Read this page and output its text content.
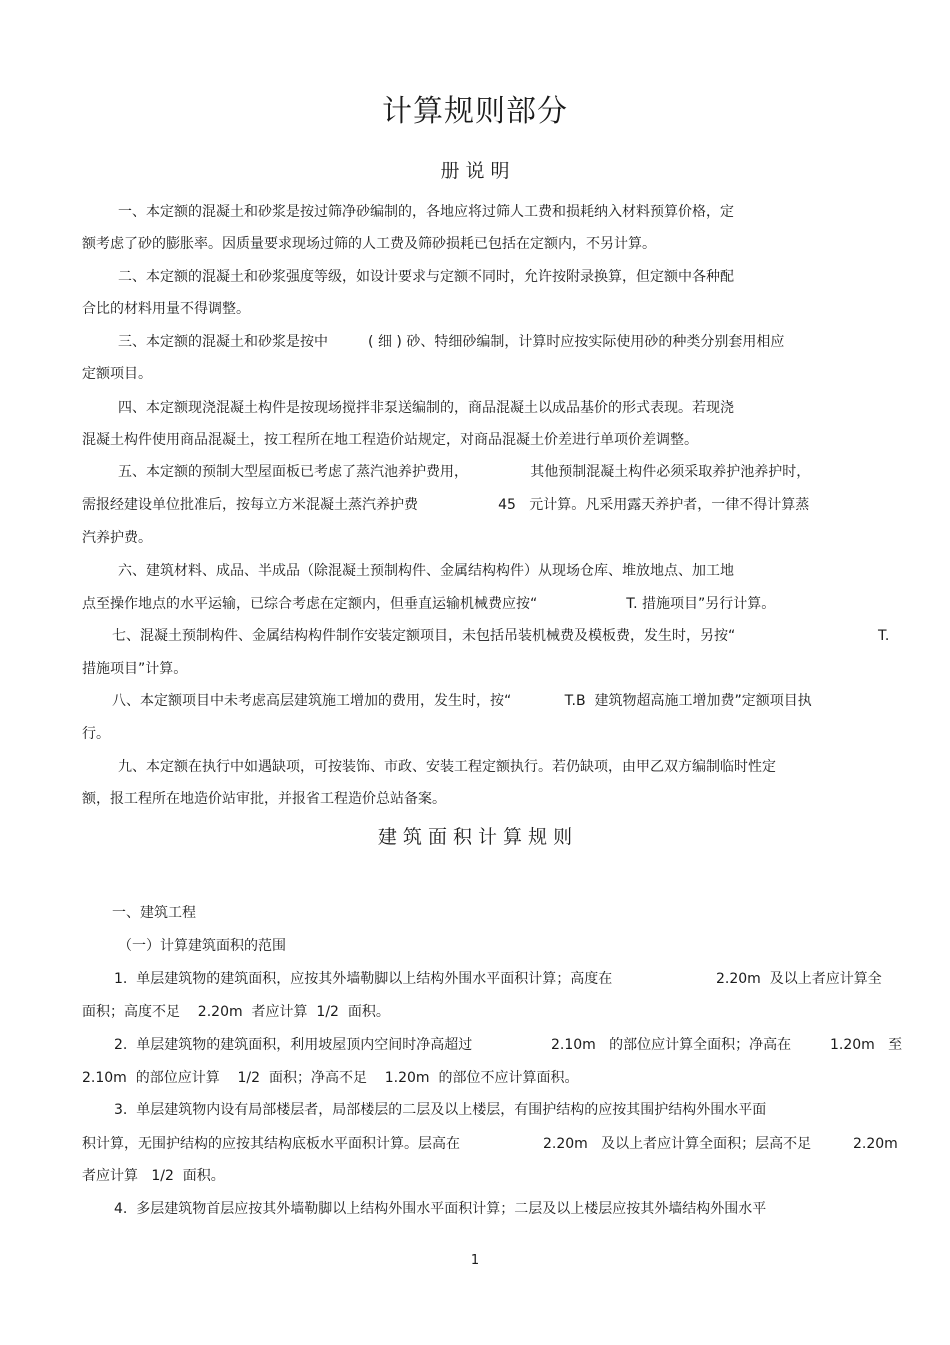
计算规则部分
册 说 明
一、本定额的混凝土和砂浆是按过筛净砂编制的，各地应将过筛人工费和损耗纳入材料预算价格，定
额考虑了砂的膨胀率。因质量要求现场过筛的人工费及筛砂损耗已包括在定额内，不另计算。
二、本定额的混凝土和砂浆强度等级，如设计要求与定额不同时，允许按附录换算，但定额中各种配
合比的材料用量不得调整。
三、本定额的混凝土和砂浆是按中         ( 细 ) 砂、特细砂编制，计算时应按实际使用砂的种类分别套用相应
定额项目。
四、本定额现浇混凝土构件是按现场搅拌非泵送编制的，商品混凝土以成品基价的形式表现。若现浇
混凝土构件使用商品混凝土，按工程所在地工程造价站规定，对商品混凝土价差进行单项价差调整。
五、本定额的预制大型屋面板已考虑了蒸汽池养护费用，              其他预制混凝土构件必须采取养护池养护时，
需报经建设单位批准后，按每立方米混凝土蒸汽养护费                  45   元计算。凡采用露天养护者，一律不得计算蒸
汽养护费。
六、建筑材料、成品、半成品（除混凝土预制构件、金属结构构件）从现场仓库、堆放地点、加工地
点至操作地点的水平运输，已综合考虑在定额内，但垂直运输机械费应按“                    T. 措施项目”另行计算。
七、混凝土预制构件、金属结构构件制作安装定额项目，未包括吊装机械费及模板费，发生时，另按“	T.
措施项目”计算。
八、本定额项目中未考虑高层建筑施工增加的费用，发生时，按“            T.B  建筑物超高施工增加费”定额项目执
行。
九、本定额在执行中如遇缺项，可按装饰、市政、安装工程定额执行。若仍缺项，由甲乙双方编制临时性定
额，报工程所在地造价站审批，并报省工程造价总站备案。
建 筑 面 积 计 算 规 则
一、建筑工程
（一）计算建筑面积的范围
1.  单层建筑物的建筑面积，应按其外墙勒脚以上结构外围水平面积计算；高度在	2.20m  及以上者应计算全
面积；高度不足    2.20m  者应计算  1/2  面积。
2.  单层建筑物的建筑面积，利用坡屋顶内空间时净高超过	2.10m   的部位应计算全面积；净高在	1.20m   至
2.10m  的部位应计算    1/2  面积；净高不足    1.20m  的部位不应计算面积。
3.  单层建筑物内设有局部楼层者，局部楼层的二层及以上楼层，有围护结构的应按其围护结构外围水平面
积计算，无围护结构的应按其结构底板水平面积计算。层高在	2.20m   及以上者应计算全面积；层高不足	2.20m
者应计算   1/2  面积。
4.  多层建筑物首层应按其外墙勒脚以上结构外围水平面积计算；二层及以上楼层应按其外墙结构外围水平
1
